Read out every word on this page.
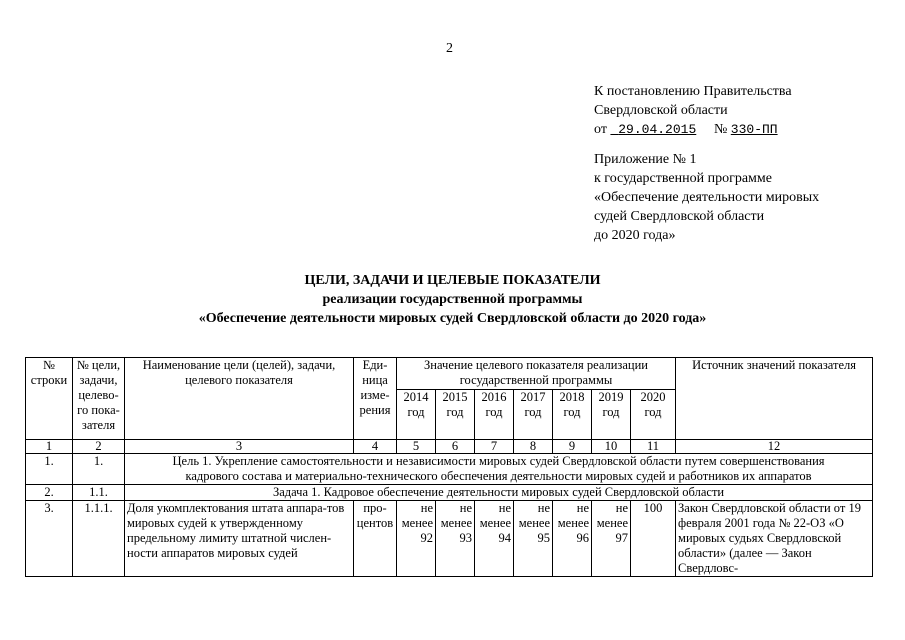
2
К постановлению Правительства
Свердловской области
от 29.04.2015 № 330-ПП
Приложение № 1
к государственной программе
«Обеспечение деятельности мировых
судей Свердловской области
до 2020 года»
ЦЕЛИ, ЗАДАЧИ И ЦЕЛЕВЫЕ ПОКАЗАТЕЛИ
реализации государственной программы
«Обеспечение деятельности мировых судей Свердловской области до 2020 года»
№ строки	№ цели, задачи, целево-го пока-зателя	Наименование цели (целей), задачи, целевого показателя	Еди-ница изме-рения	Значение целевого показателя реализации государственной программы							Источник значений показателя
				2014 год	2015 год	2016 год	2017 год	2018 год	2019 год	2020 год	
1	2	3	4	5	6	7	8	9	10	11	12
1.	1.	Цель 1. Укрепление самостоятельности и независимости мировых судей Свердловской области путем совершенствования кадрового состава и материально-технического обеспечения деятельности мировых судей и работников их аппаратов									
2.	1.1.	Задача 1. Кадровое обеспечение деятельности мировых судей Свердловской области									
3.	1.1.1.	Доля укомплектования штата аппара-тов мировых судей к утвержденному предельному лимиту штатной числен-ности аппаратов мировых судей	про-центов	не менее 92	не менее 93	не менее 94	не менее 95	не менее 96	не менее 97	100	Закон Свердловской области от 19 февраля 2001 года № 22-ОЗ «О мировых судьях Свердловской области» (далее — Закон Свердловс-
